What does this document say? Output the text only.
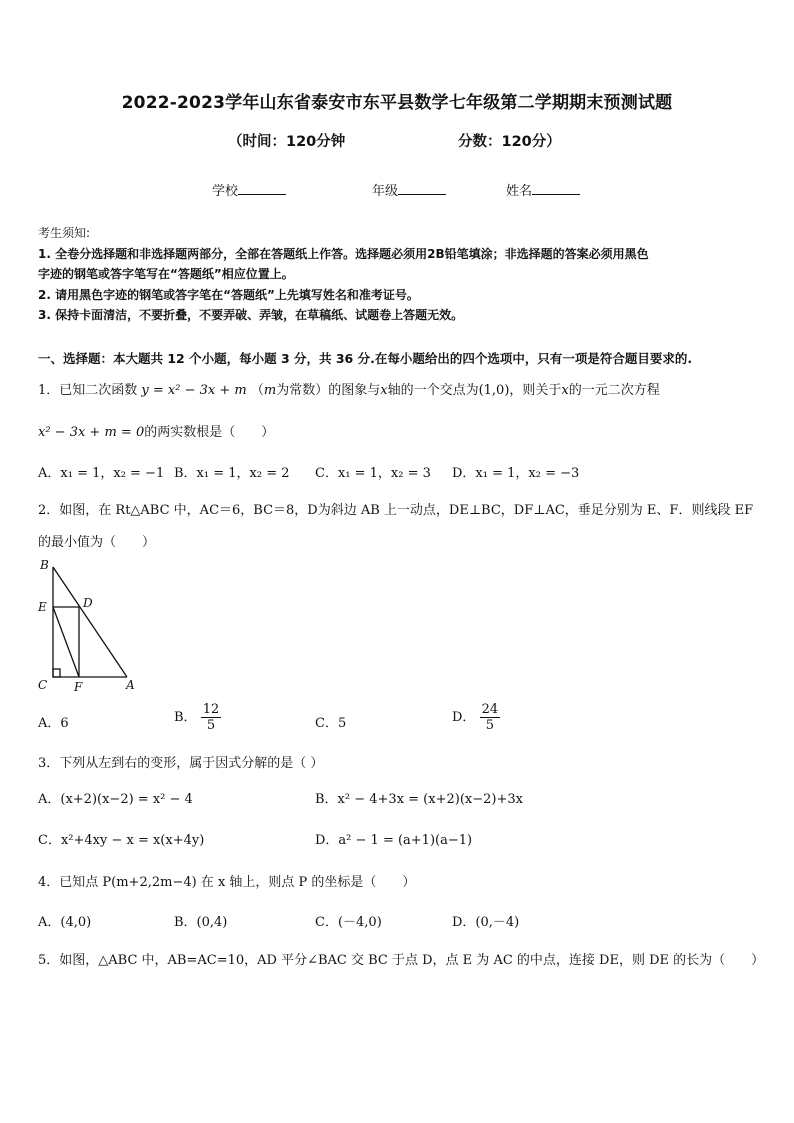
2022-2023学年山东省泰安市东平县数学七年级第二学期期末预测试题
（时间：120分钟	分数：120分）
学校	年级	姓名
考生须知:
1. 全卷分选择题和非选择题两部分，全部在答题纸上作答。选择题必须用2B铅笔填涂；非选择题的答案必须用黑色
字迹的钢笔或答字笔写在“答题纸”相应位置上。
2. 请用黑色字迹的钢笔或答字笔在“答题纸”上先填写姓名和准考证号。
3. 保持卡面清洁，不要折叠，不要弄破、弄皱，在草稿纸、试题卷上答题无效。
一、选择题：本大题共 12 个小题，每小题 3 分，共 36 分.在每小题给出的四个选项中，只有一项是符合题目要求的.
1．已知二次函数 y = x² − 3x + m （m为常数）的图象与x轴的一个交点为(1,0)，则关于x的一元二次方程
x² − 3x + m = 0的两实数根是（　　）
A．x₁ = 1，x₂ = −1 B．x₁ = 1，x₂ = 2 C．x₁ = 1，x₂ = 3 D．x₁ = 1，x₂ = −3
2．如图，在 Rt△ABC 中，AC＝6，BC＝8，D为斜边 AB 上一动点，DE⊥BC，DF⊥AC，垂足分别为 E、F．则线段 EF
的最小值为（　　）
B
E	D
C F	A
A．6	B． $\frac{12}{5}$	C．5	D． $\frac{24}{5}$
3．下列从左到右的变形，属于因式分解的是（ ）
A．(x+2)(x−2) = x² − 4	B．x² − 4+3x = (x+2)(x−2)+3x
C．x²+4xy − x = x(x+4y)	D．a² − 1 = (a+1)(a−1)
4．已知点 P(m+2,2m−4) 在 x 轴上，则点 P 的坐标是（　　）
A．(4,0)	B．(0,4)	C．(－4,0)	D．(0,－4)
5．如图，△ABC 中，AB=AC=10，AD 平分∠BAC 交 BC 于点 D，点 E 为 AC 的中点，连接 DE，则 DE 的长为（　　）
